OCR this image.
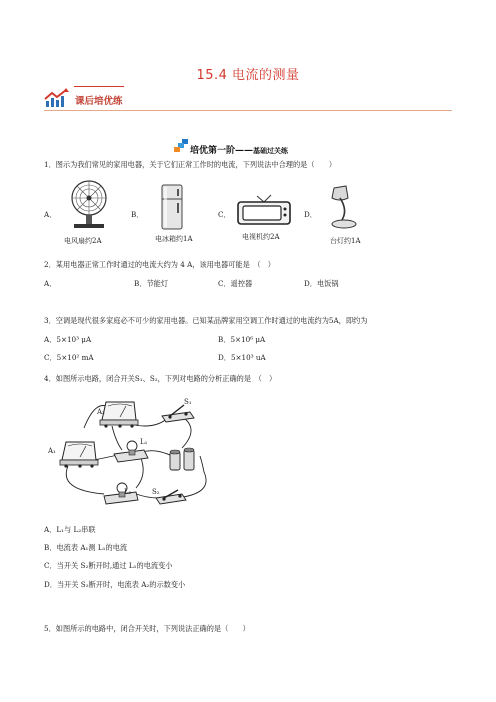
15.4 电流的测量
课后培优练
培优第一阶——基础过关练
1．图示为我们常见的家用电器，关于它们正常工作时的电流，下列说法中合理的是（　　）
A．
电风扇约2A
B．
电冰箱约1A
C．
电视机约2A
D．
台灯约1A
2．某用电器正常工作时通过的电流大约为 4 A，该用电器可能是　（　）
A．	B．节能灯	C．遥控器	D．电饭锅
3．空调是现代很多家庭必不可少的家用电器。已知某品牌家用空调工作时通过的电流约为5A，即约为
A．5×10³ μA	B．5×10⁶ μA
C．5×10² mA	D．5×10³ uA
4．如图所示电路，闭合开关S₁、S₂，下列对电路的分析正确的是　（　）
A₂
S₁
A₁
L₁
L₂	S₂
A．L₁与 L₂串联
B．电流表 A₁测 L₁的电流
C．当开关 S₂断开时,通过 L₁的电流变小
D．当开关 S₂断开时，电流表 A₂的示数变小
5．如图所示的电路中，闭合开关时，下列说法正确的是（　　）
